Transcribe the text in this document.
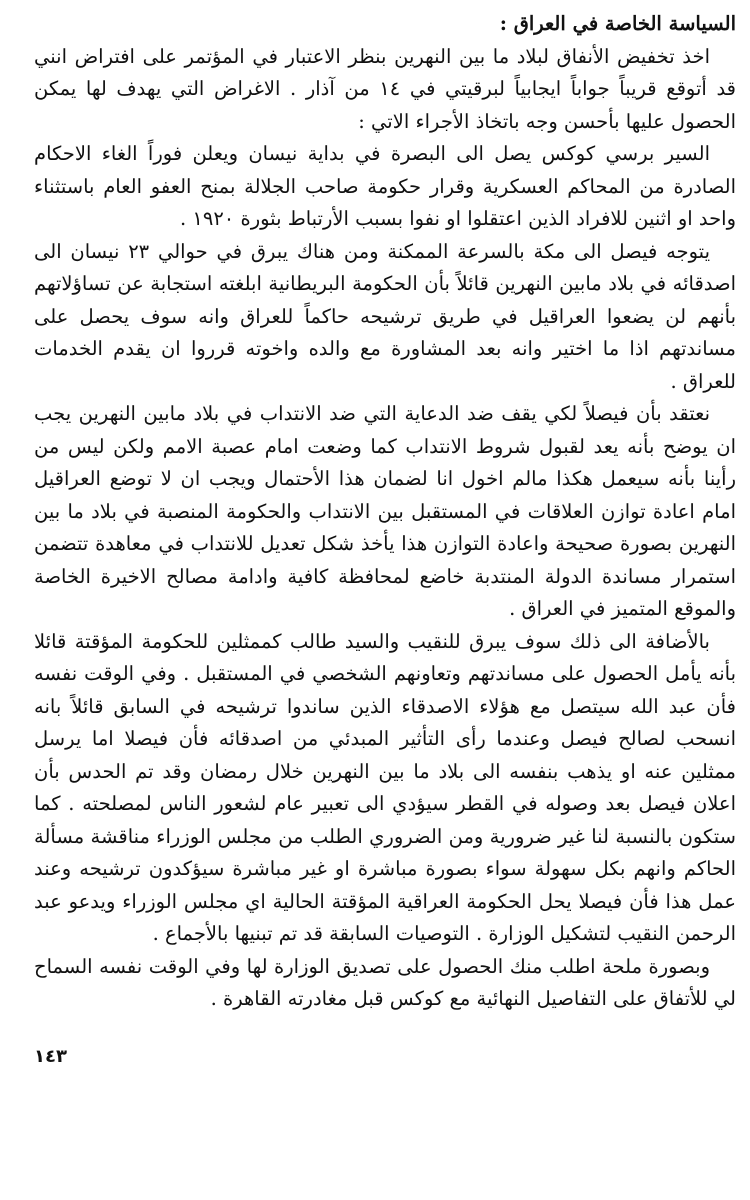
السياسة الخاصة في العراق :

اخذ تخفيض الأنفاق لبلاد ما بين النهرين بنظر الاعتبار في المؤتمر على افتراض انني قد أتوقع قريباً جواباً ايجابياً لبرقيتي في ١٤ من آذار . الاغراض التي يهدف لها يمكن الحصول عليها بأحسن وجه باتخاذ الأجراء الاتي :

السير برسي كوكس يصل الى البصرة في بداية نيسان ويعلن فوراً الغاء الاحكام الصادرة من المحاكم العسكرية وقرار حكومة صاحب الجلالة بمنح العفو العام باستثناء واحد او اثنين للافراد الذين اعتقلوا او نفوا بسبب الأرتباط بثورة ١٩٢٠ .

يتوجه فيصل الى مكة بالسرعة الممكنة ومن هناك يبرق في حوالي ٢٣ نيسان الى اصدقائه في بلاد مابين النهرين قائلاً بأن الحكومة البريطانية ابلغته استجابة عن تساؤلاتهم بأنهم لن يضعوا العراقيل في طريق ترشيحه حاكماً للعراق وانه سوف يحصل على مساندتهم اذا ما اختير وانه بعد المشاورة مع والده واخوته قرروا ان يقدم الخدمات للعراق .

نعتقد بأن فيصلاً لكي يقف ضد الدعاية التي ضد الانتداب في بلاد مابين النهرين يجب ان يوضح بأنه يعد لقبول شروط الانتداب كما وضعت امام عصبة الامم ولكن ليس من رأينا بأنه سيعمل هكذا مالم اخول انا لضمان هذا الأحتمال ويجب ان لا توضع العراقيل امام اعادة توازن العلاقات في المستقبل بين الانتداب والحكومة المنصبة في بلاد ما بين النهرين بصورة صحيحة واعادة التوازن هذا يأخذ شكل تعديل للانتداب في معاهدة تتضمن استمرار مساندة الدولة المنتدبة خاضع لمحافظة كافية وادامة مصالح الاخيرة الخاصة والموقع المتميز في العراق .

بالأضافة الى ذلك سوف يبرق للنقيب والسيد طالب كممثلين للحكومة المؤقتة قائلا بأنه يأمل الحصول على مساندتهم وتعاونهم الشخصي في المستقبل . وفي الوقت نفسه فأن عبد الله سيتصل مع هؤلاء الاصدقاء الذين ساندوا ترشيحه في السابق قائلاً بانه انسحب لصالح فيصل وعندما رأى التأثير المبدئي من اصدقائه فأن فيصلا اما يرسل ممثلين عنه او يذهب بنفسه الى بلاد ما بين النهرين خلال رمضان وقد تم الحدس بأن اعلان فيصل بعد وصوله في القطر سيؤدي الى تعبير عام لشعور الناس لمصلحته . كما ستكون بالنسبة لنا غير ضرورية ومن الضروري الطلب من مجلس الوزراء مناقشة مسألة الحاكم وانهم بكل سهولة سواء بصورة مباشرة او غير مباشرة سيؤكدون ترشيحه وعند عمل هذا فأن فيصلا يحل الحكومة العراقية المؤقتة الحالية اي مجلس الوزراء ويدعو عبد الرحمن النقيب لتشكيل الوزارة . التوصيات السابقة قد تم تبنيها بالأجماع .

وبصورة ملحة اطلب منك الحصول على تصديق الوزارة لها وفي الوقت نفسه السماح لي للأتفاق على التفاصيل النهائية مع كوكس قبل مغادرته القاهرة .

١٤٣
